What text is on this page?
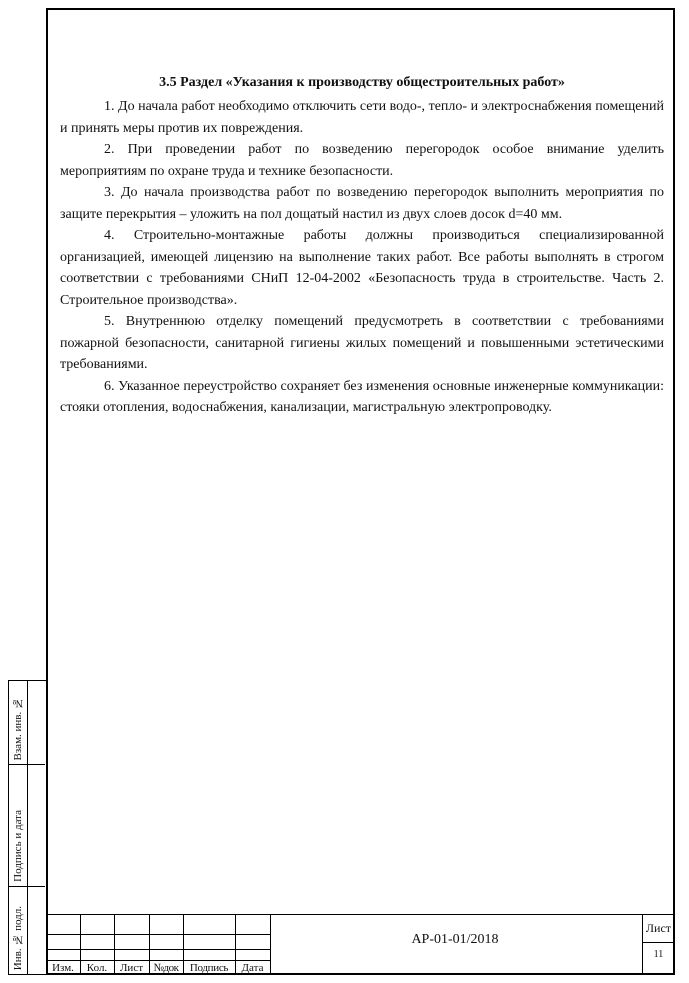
3.5 Раздел «Указания к производству общестроительных работ»

1. До начала работ необходимо отключить сети водо-, тепло- и электроснабжения помещений и принять меры против их повреждения.

2. При проведении работ по возведению перегородок особое внимание уделить мероприятиям по охране труда и технике безопасности.

3. До начала производства работ по возведению перегородок выполнить мероприятия по защите перекрытия – уложить на пол дощатый настил из двух слоев досок d=40 мм.

4. Строительно-монтажные работы должны производиться специализированной организацией, имеющей лицензию на выполнение таких работ. Все работы выполнять в строгом соответствии с требованиями СНиП 12-04-2002 «Безопасность труда в строительстве. Часть 2. Строительное производства».

5. Внутреннюю отделку помещений предусмотреть в соответствии с требованиями пожарной безопасности, санитарной гигиены жилых помещений и повышенными эстетическими требованиями.

6. Указанное переустройство сохраняет без изменения основные инженерные коммуникации: стояки отопления, водоснабжения, канализации, магистральную электропроводку.

Взам. инв. №
Подпись и дата
Инв. № подл.	Изм.	Кол.	Лист №док	Подпись	Дата
АР-01-01/2018
Лист
11
